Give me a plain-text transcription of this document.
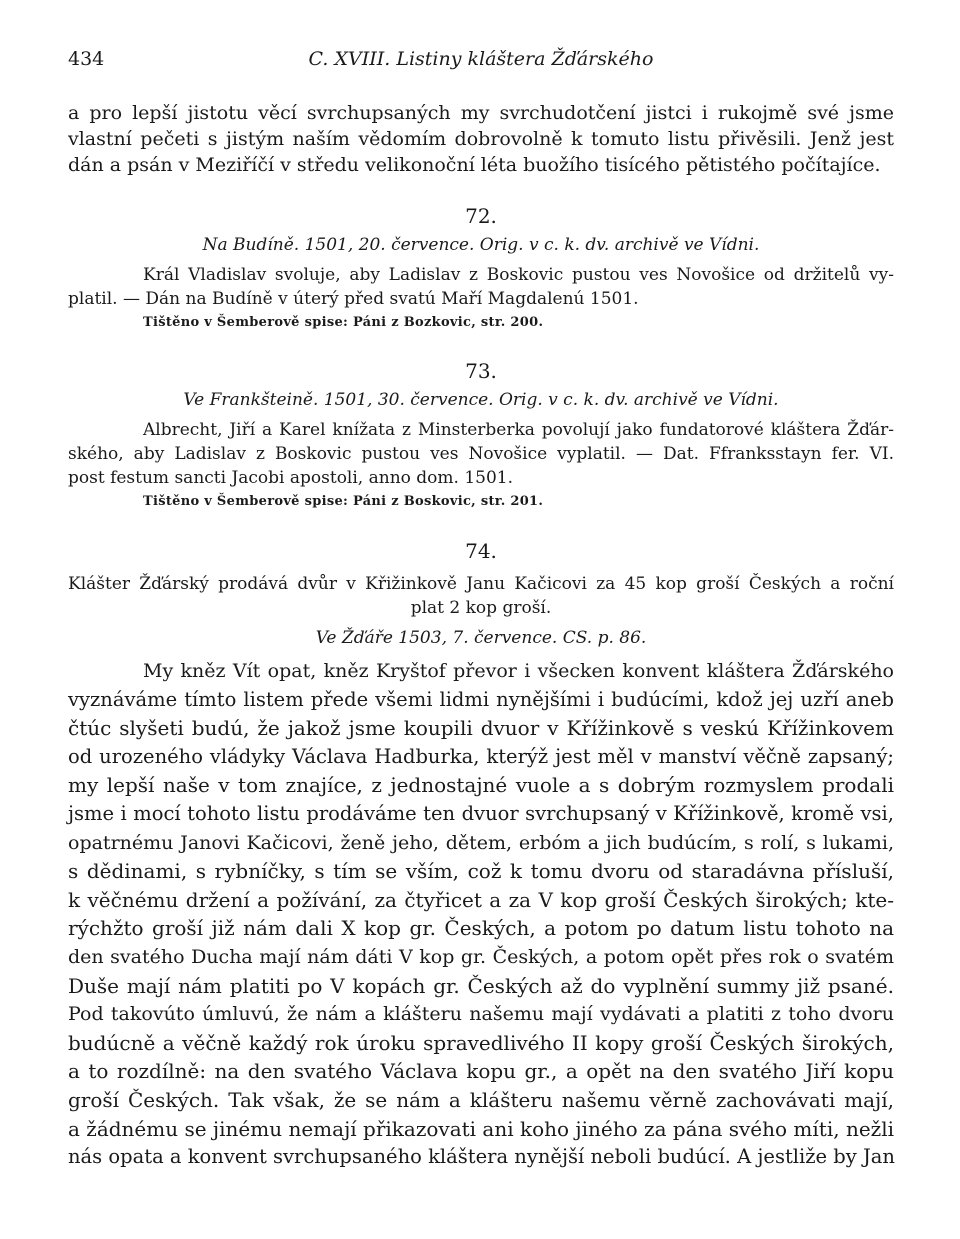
434	C. XVIII. Listiny kláštera Žďárského
a pro lepší jistotu věcí svrchupsaných my svrchudotčení jistci i rukojmě své jsme
vlastní pečeti s jistým naším vědomím dobrovolně k tomuto listu přivěsili. Jenž jest
dán a psán v Meziříčí v středu velikonoční léta buožího tisícého pětistého počítajíce.
72.
Na Budíně. 1501, 20. července. Orig. v c. k. dv. archivě ve Vídni.
Král Vladislav svoluje, aby Ladislav z Boskovic pustou ves Novošice od držitelů vy-
platil. — Dán na Budíně v úterý před svatú Maří Magdalenú 1501.
Tištěno v Šemberově spise: Páni z Bozkovic, str. 200.
73.
Ve Frankšteině. 1501, 30. července. Orig. v c. k. dv. archivě ve Vídni.
Albrecht, Jiří a Karel knížata z Minsterberka povolují jako fundatorové kláštera Žďár-
ského, aby Ladislav z Boskovic pustou ves Novošice vyplatil. — Dat. Ffranksstayn fer. VI.
post festum sancti Jacobi apostoli, anno dom. 1501.
Tištěno v Šemberově spise: Páni z Boskovic, str. 201.
74.
Klášter Žďárský prodává dvůr v Křižinkově Janu Kačicovi za 45 kop groší Českých a roční
plat 2 kop groší.
Ve Žďáře 1503, 7. července. CS. p. 86.
My kněz Vít opat, kněz Kryštof převor i všecken konvent kláštera Žďárského
vyznáváme tímto listem přede všemi lidmi nynějšími i budúcími, kdož jej uzří aneb
čtúc slyšeti budú, že jakož jsme koupili dvuor v Křížinkově s veskú Křížinkovem
od urozeného vládyky Václava Hadburka, kterýž jest měl v manství věčně zapsaný;
my lepší naše v tom znajíce, z jednostajné vuole a s dobrým rozmyslem prodali
jsme i mocí tohoto listu prodáváme ten dvuor svrchupsaný v Křížinkově, kromě vsi,
opatrnému Janovi Kačicovi, ženě jeho, dětem, erbóm a jich budúcím, s rolí, s lukami,
s dědinami, s rybníčky, s tím se vším, což k tomu dvoru od staradávna přísluší,
k věčnému držení a požívání, za čtyřicet a za V kop groší Českých širokých; kte-
rýchžto groší již nám dali X kop gr. Českých, a potom po datum listu tohoto na
den svatého Ducha mají nám dáti V kop gr. Českých, a potom opět přes rok o svatém
Duše mají nám platiti po V kopách gr. Českých až do vyplnění summy již psané.
Pod takovúto úmluvú, že nám a klášteru našemu mají vydávati a platiti z toho dvoru
budúcně a věčně každý rok úroku spravedlivého II kopy groší Českých širokých,
a to rozdílně: na den svatého Václava kopu gr., a opět na den svatého Jiří kopu
groší Českých. Tak však, že se nám a klášteru našemu věrně zachovávati mají,
a žádnému se jinému nemají přikazovati ani koho jiného za pána svého míti, nežli
nás opata a konvent svrchupsaného kláštera nynější neboli budúcí. A jestliže by Jan
